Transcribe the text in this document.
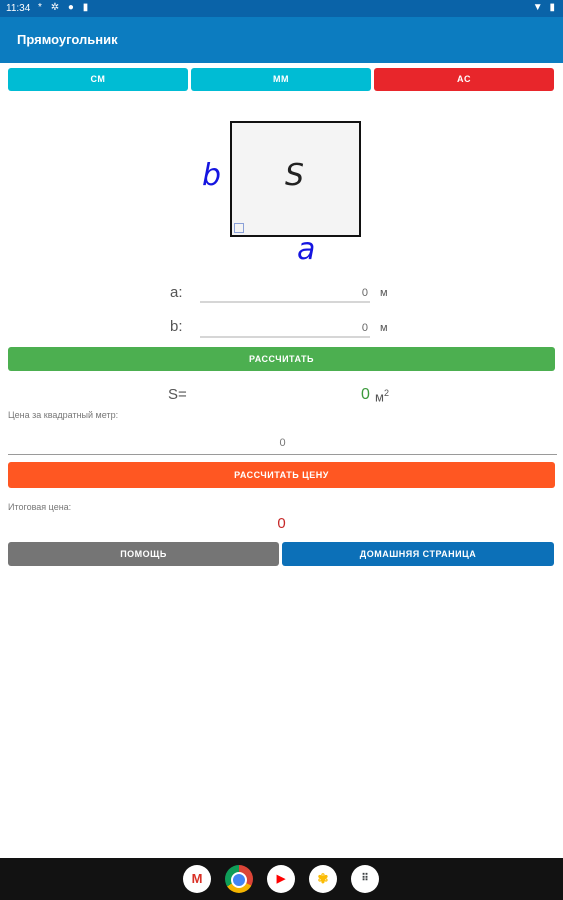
11:34 * ✲ ● ▮	▼ ▮
Прямоугольник
СМ	ММ	AC
S
b
a
a:
0	м
b:
0	м
РАССЧИТАТЬ
S=	0 $м^2$
Цена за квадратный метр:
0
РАССЧИТАТЬ ЦЕНУ
Итоговая цена:
0
ПОМОЩЬ	ДОМАШНЯЯ СТРАНИЦА
M	▶	✾	⠿
